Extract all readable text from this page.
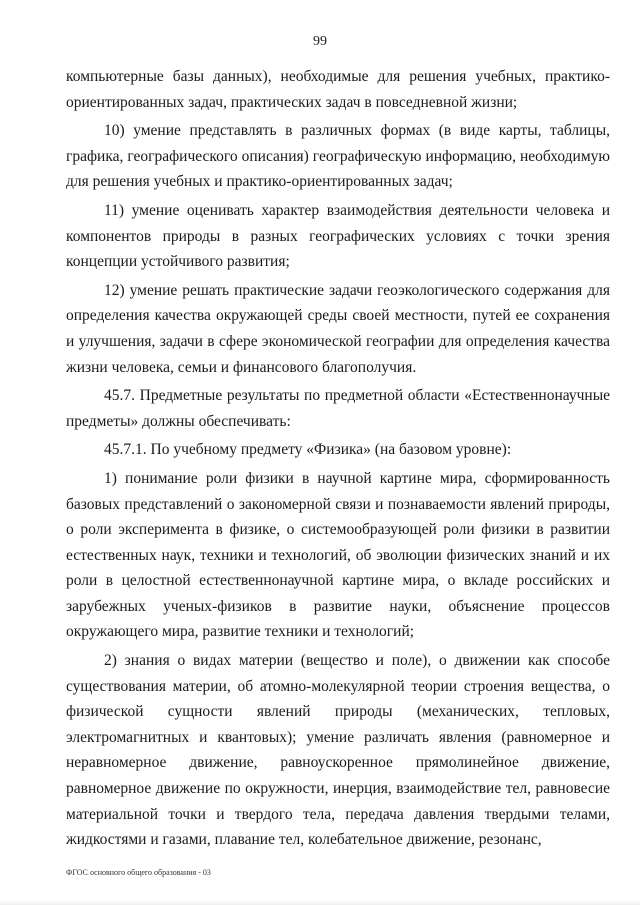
99

компьютерные базы данных), необходимые для решения учебных, практико-ориентированных задач, практических задач в повседневной жизни;

10) умение представлять в различных формах (в виде карты, таблицы, графика, географического описания) географическую информацию, необходимую для решения учебных и практико-ориентированных задач;

11) умение оценивать характер взаимодействия деятельности человека и компонентов природы в разных географических условиях с точки зрения концепции устойчивого развития;

12) умение решать практические задачи геоэкологического содержания для определения качества окружающей среды своей местности, путей ее сохранения и улучшения, задачи в сфере экономической географии для определения качества жизни человека, семьи и финансового благополучия.

45.7. Предметные результаты по предметной области «Естественнонаучные предметы» должны обеспечивать:

45.7.1. По учебному предмету «Физика» (на базовом уровне):

1) понимание роли физики в научной картине мира, сформированность базовых представлений о закономерной связи и познаваемости явлений природы, о роли эксперимента в физике, о системообразующей роли физики в развитии естественных наук, техники и технологий, об эволюции физических знаний и их роли в целостной естественнонаучной картине мира, о вкладе российских и зарубежных ученых-физиков в развитие науки, объяснение процессов окружающего мира, развитие техники и технологий;

2) знания о видах материи (вещество и поле), о движении как способе существования материи, об атомно-молекулярной теории строения вещества, о физической сущности явлений природы (механических, тепловых, электромагнитных и квантовых); умение различать явления (равномерное и неравномерное движение, равноускоренное прямолинейное движение, равномерное движение по окружности, инерция, взаимодействие тел, равновесие материальной точки и твердого тела, передача давления твердыми телами, жидкостями и газами, плавание тел, колебательное движение, резонанс,

ФГОС основного общего образования - 03
